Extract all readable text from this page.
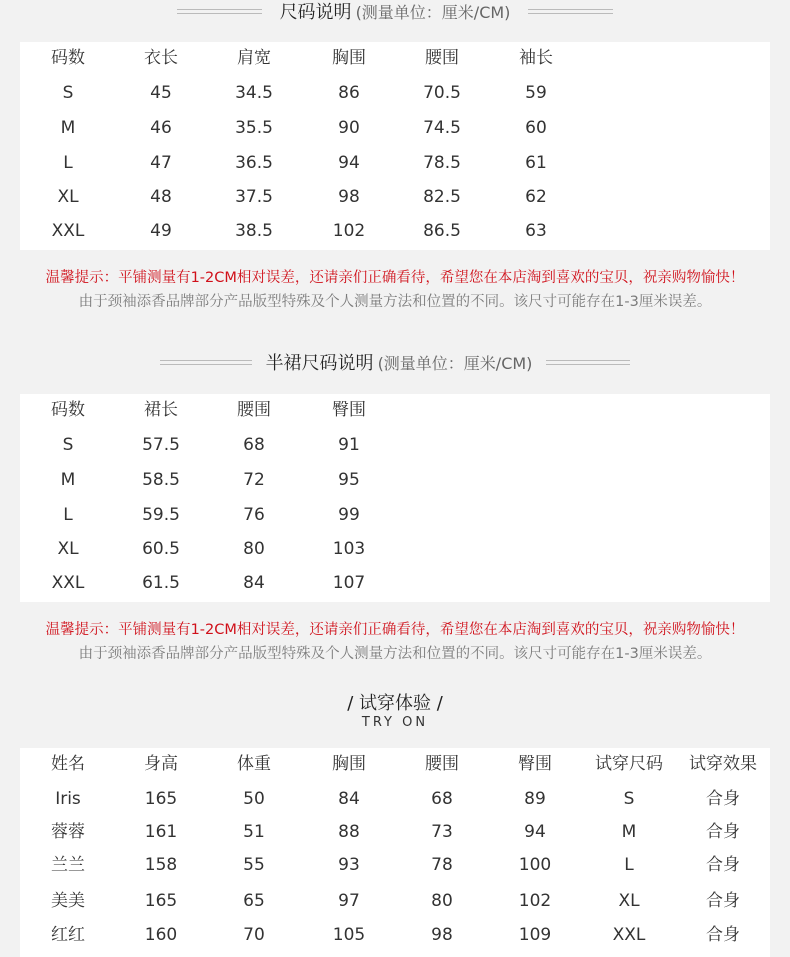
尺码说明 (测量单位：厘米/CM)
码数	衣长	肩宽	胸围	腰围	袖长
S	45	34.5	86	70.5	59
M	46	35.5	90	74.5	60
L	47	36.5	94	78.5	61
XL	48	37.5	98	82.5	62
XXL	49	38.5	102	86.5	63
温馨提示：平铺测量有1-2CM相对误差，还请亲们正确看待，希望您在本店淘到喜欢的宝贝，祝亲购物愉快！
由于颈袖添香品牌部分产品版型特殊及个人测量方法和位置的不同。该尺寸可能存在1-3厘米误差。
半裙尺码说明 (测量单位：厘米/CM)
码数	裙长	腰围	臀围
S	57.5	68	91
M	58.5	72	95
L	59.5	76	99
XL	60.5	80	103
XXL	61.5	84	107
温馨提示：平铺测量有1-2CM相对误差，还请亲们正确看待，希望您在本店淘到喜欢的宝贝，祝亲购物愉快！
由于颈袖添香品牌部分产品版型特殊及个人测量方法和位置的不同。该尺寸可能存在1-3厘米误差。
/ 试穿体验 /
TRY ON
姓名	身高	体重	胸围	腰围	臀围	试穿尺码	试穿效果
Iris	165	50	84	68	89	S	合身
蓉蓉	161	51	88	73	94	M	合身
兰兰	158	55	93	78	100	L	合身
美美	165	65	97	80	102	XL	合身
红红	160	70	105	98	109	XXL	合身
